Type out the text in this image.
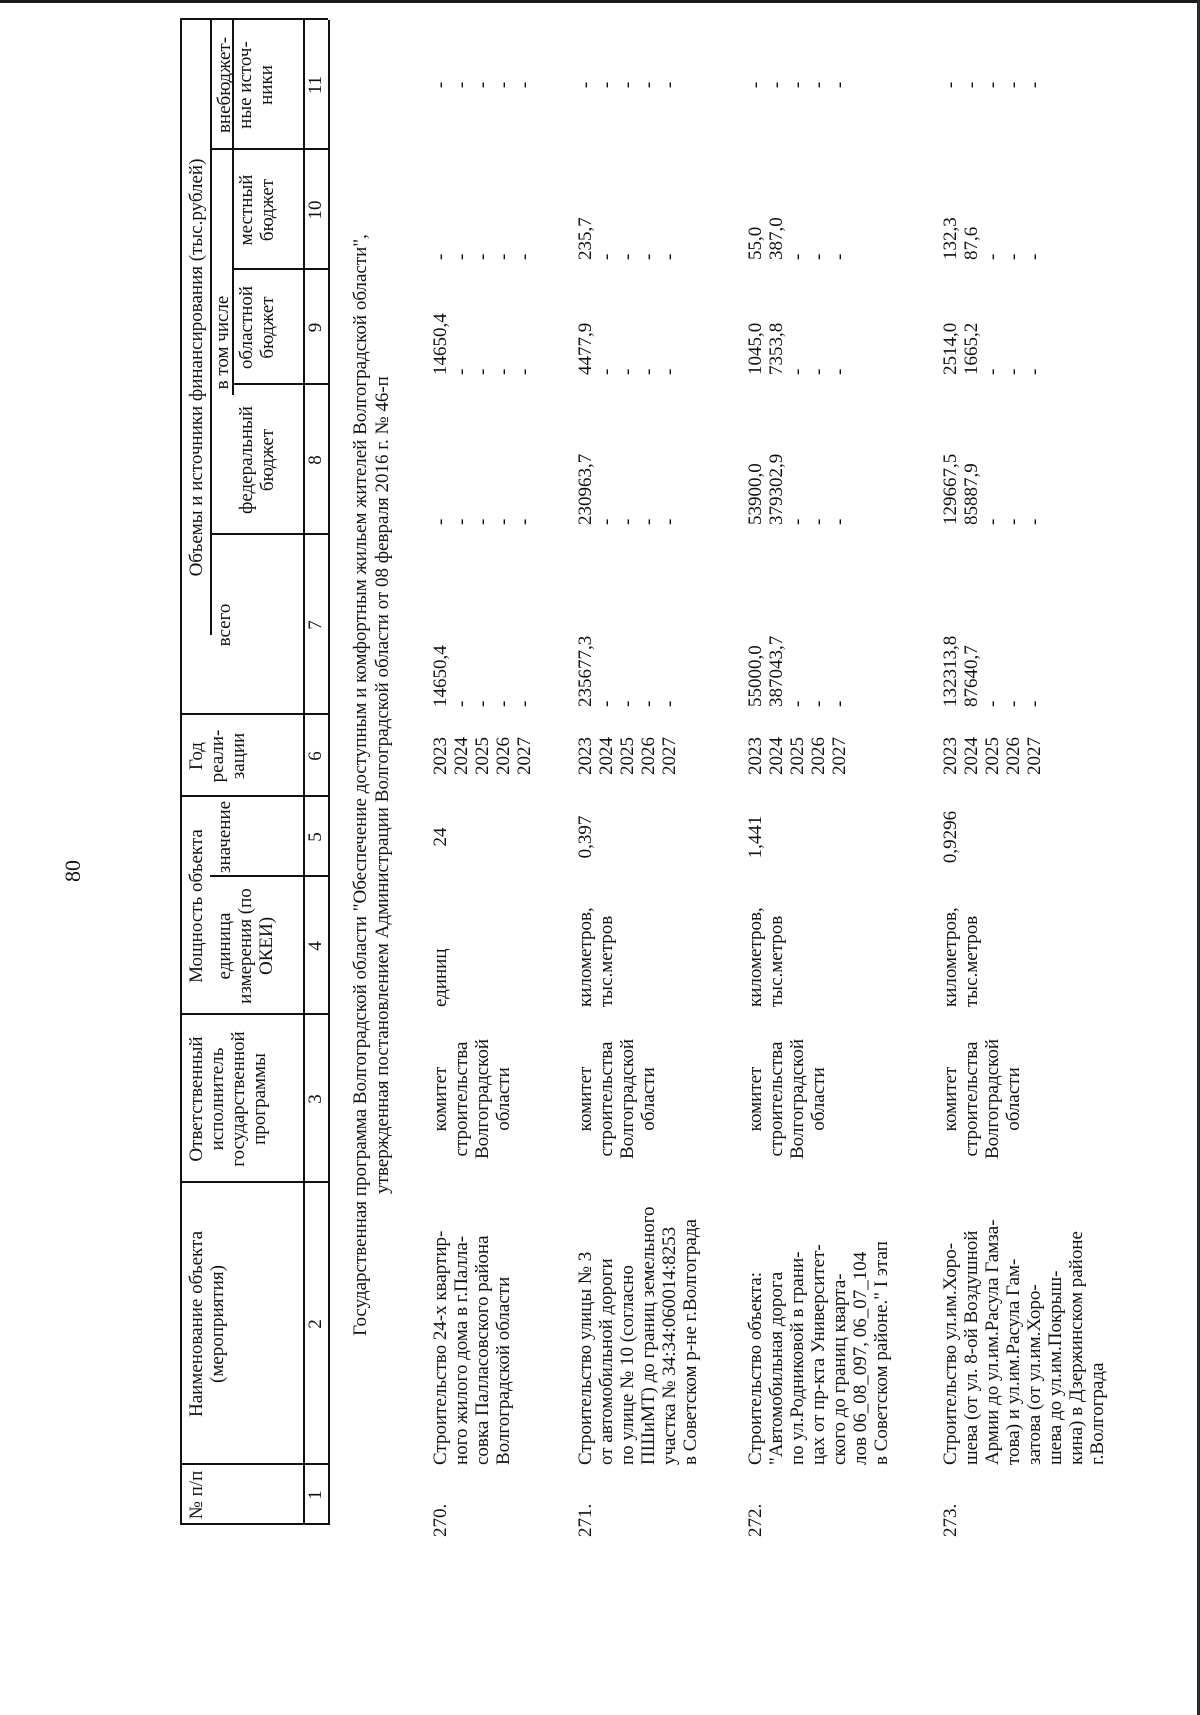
80
№ п/п
Наименование объекта (мероприятия)
Ответственный исполнитель государственной программы
Мощность объекта единица измерения (по ОКЕИ)
значение
Год реали- зации
Объемы и источники финансирования (тыс.рублей)
всего
в том числе
федеральный бюджет
областной бюджет
местный бюджет
внебюджет- ные источ- ники
1
2
3
4
5
6
7
8
9
10
11
Государственная программа Волгоградской области "Обеспечение доступным и комфортным жильем жителей Волгоградской области",
утвержденная постановлением Администрации Волгоградской области от 08 февраля 2016 г. № 46-п
270.
Строительство 24-х квартир-
ного жилого дома в г.Палла-
совка Палласовского района
Волгоградской области
комитет
строительства
Волгоградской
области
единиц
24
2023
2024
2025
2026
2027
14650,4
-
-
-
-
-
-
-
-
-
14650,4
-
-
-
-
-
-
-
-
-
-
-
-
-
-
271.
Строительство улицы № 3
от автомобильной дороги
по улице № 10 (согласно
ПШиМТ) до границ земельного
участка № 34:34:060014:8253
в Советском р-не г.Волгограда
комитет
строительства
Волгоградской
области
километров,
тыс.метров
0,397
2023
2024
2025
2026
2027
235677,3
-
-
-
-
230963,7
-
-
-
-
4477,9
-
-
-
-
235,7
-
-
-
-
-
-
-
-
-
272.
Строительство объекта:
"Автомобильная дорога
по ул.Родниковой в грани-
цах от пр-кта Университет-
ского до границ кварта-
лов 06_08_097, 06_07_104
в Советском районе." I этап
комитет
строительства
Волгоградской
области
километров,
тыс.метров
1,441
2023
2024
2025
2026
2027
55000,0
387043,7
-
-
-
53900,0
379302,9
-
-
-
1045,0
7353,8
-
-
-
55,0
387,0
-
-
-
-
-
-
-
-
273.
Строительство ул.им.Хоро-
шева (от ул. 8-ой Воздушной
Армии до ул.им.Расула Гамза-
това) и ул.им.Расула Гам-
затова (от ул.им.Хоро-
шева до ул.им.Покрыш-
кина) в Дзержинском районе
г.Волгограда
комитет
строительства
Волгоградской
области
километров,
тыс.метров
0,9296
2023
2024
2025
2026
2027
132313,8
87640,7
-
-
-
129667,5
85887,9
-
-
-
2514,0
1665,2
-
-
-
132,3
87,6
-
-
-
-
-
-
-
-
